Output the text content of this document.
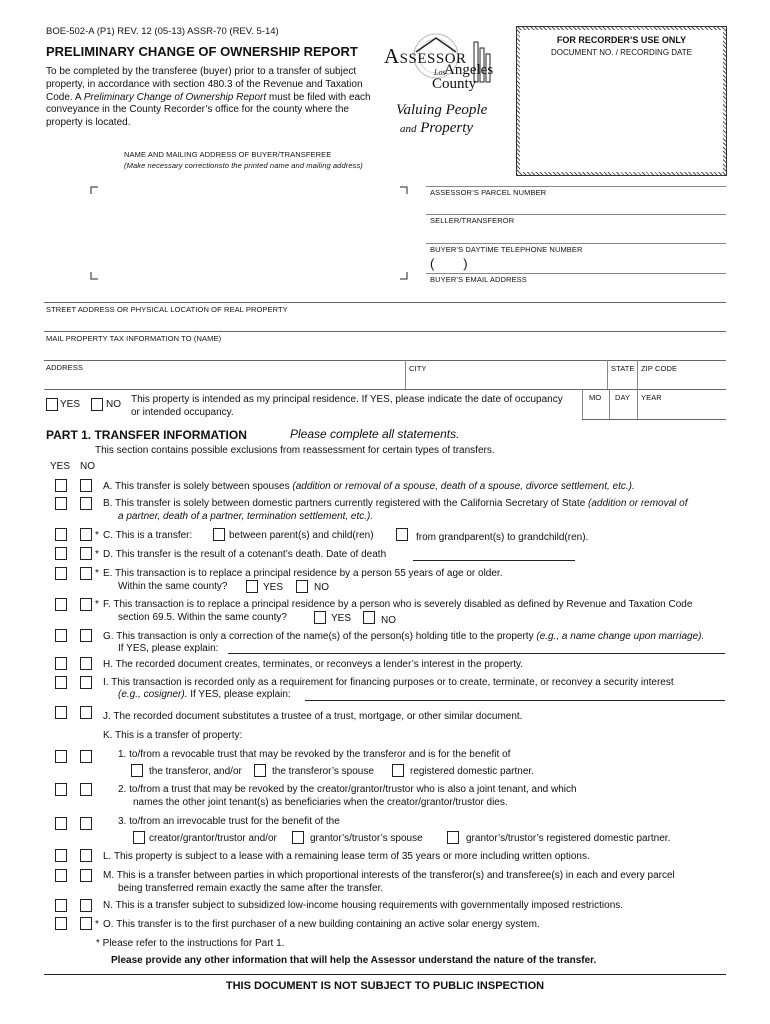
BOE-502-A (P1) REV. 12 (05-13) ASSR-70 (REV. 5-14)
PRELIMINARY CHANGE OF OWNERSHIP REPORT
To be completed by the transferee (buyer) prior to a transfer of subject
property, in accordance with section 480.3 of the Revenue and Taxation
Code. A Preliminary Change of Ownership Report must be filed with each
conveyance in the County Recorder’s office for the county where the
property is located.
Assessor
Los
Angeles
County
Valuing People
and Property
FOR RECORDER’S USE ONLY
DOCUMENT NO. / RECORDING DATE
NAME AND MAILING ADDRESS OF BUYER/TRANSFEREE
(Make necessary correctionsto the printed name and mailing address)
ASSESSOR’S PARCEL NUMBER
SELLER/TRANSFEROR
BUYER’S DAYTIME TELEPHONE NUMBER
(        )
BUYER’S EMAIL ADDRESS
STREET ADDRESS OR PHYSICAL LOCATION OF REAL PROPERTY
MAIL PROPERTY TAX INFORMATION TO (NAME)
ADDRESS	CITY	STATE ZIP CODE
YES	NO This property is intended as my principal residence. If YES, please indicate the date of occupancy
or intended occupancy.
MO DAY YEAR
PART 1. TRANSFER INFORMATION	Please complete all statements.
This section contains possible exclusions from reassessment for certain types of transfers.
YES NO
A. This transfer is solely between spouses (addition or removal of a spouse, death of a spouse, divorce settlement, etc.).
B. This transfer is solely between domestic partners currently registered with the California Secretary of State (addition or removal of
a partner, death of a partner, termination settlement, etc.).
* C. This is a transfer:	between parent(s) and child(ren)	from grandparent(s) to grandchild(ren).
* D. This transfer is the result of a cotenant’s death. Date of death
* E. This transaction is to replace a principal residence by a person 55 years of age or older.
Within the same county?	YES	NO
* F. This transaction is to replace a principal residence by a person who is severely disabled as defined by Revenue and Taxation Code
section 69.5. Within the same county?	YES	NO
G. This transaction is only a correction of the name(s) of the person(s) holding title to the property (e.g., a name change upon marriage).
If YES, please explain:
H. The recorded document creates, terminates, or reconveys a lender’s interest in the property.
I. This transaction is recorded only as a requirement for financing purposes or to create, terminate, or reconvey a security interest
(e.g., cosigner). If YES, please explain:
J. The recorded document substitutes a trustee of a trust, mortgage, or other similar document.
K. This is a transfer of property:
1. to/from a revocable trust that may be revoked by the transferor and is for the benefit of
the transferor, and/or	the transferor’s spouse	registered domestic partner.
2. to/from a trust that may be revoked by the creator/grantor/trustor who is also a joint tenant, and which
names the other joint tenant(s) as beneficiaries when the creator/grantor/trustor dies.
3. to/from an irrevocable trust for the benefit of the
creator/grantor/trustor and/or	grantor’s/trustor’s spouse	grantor’s/trustor’s registered domestic partner.
L. This property is subject to a lease with a remaining lease term of 35 years or more including written options.
M. This is a transfer between parties in which proportional interests of the transferor(s) and transferee(s) in each and every parcel
being transferred remain exactly the same after the transfer.
N. This is a transfer subject to subsidized low-income housing requirements with governmentally imposed restrictions.
* O. This transfer is to the first purchaser of a new building containing an active solar energy system.
* Please refer to the instructions for Part 1.
Please provide any other information that will help the Assessor understand the nature of the transfer.
THIS DOCUMENT IS NOT SUBJECT TO PUBLIC INSPECTION
